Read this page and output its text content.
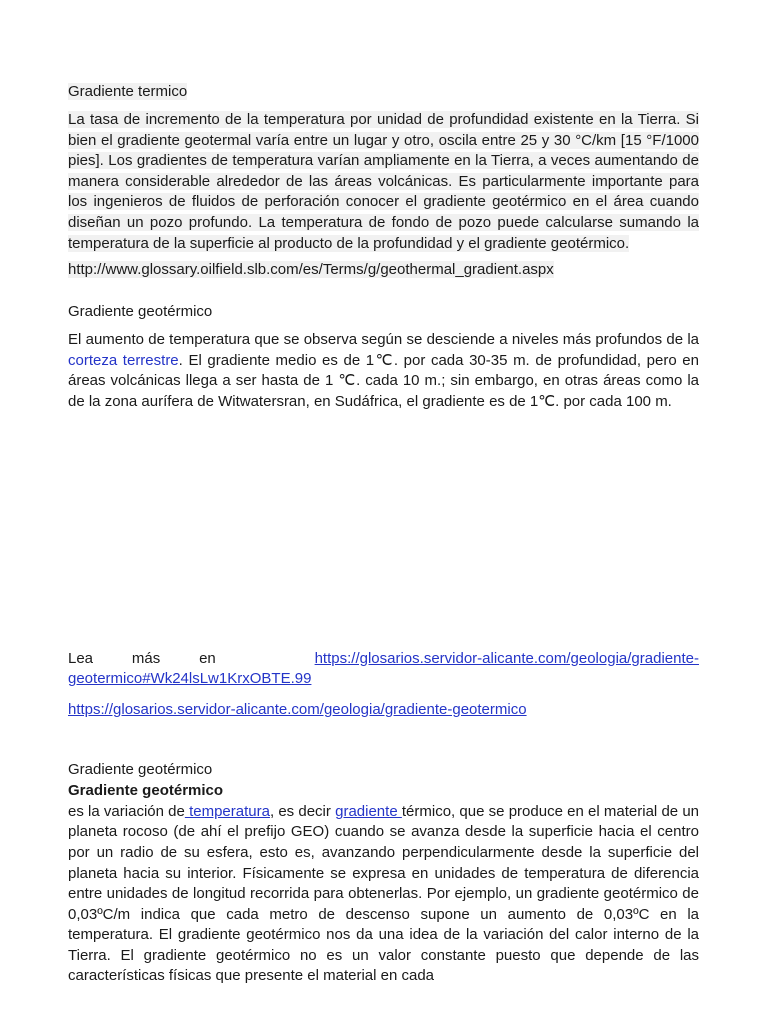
Gradiente termico

La tasa de incremento de la temperatura por unidad de profundidad existente en la Tierra. Si bien el gradiente geotermal varía entre un lugar y otro, oscila entre 25 y 30 °C/km [15 °F/1000 pies]. Los gradientes de temperatura varían ampliamente en la Tierra, a veces aumentando de manera considerable alrededor de las áreas volcánicas. Es particularmente importante para los ingenieros de fluidos de perforación conocer el gradiente geotérmico en el área cuando diseñan un pozo profundo. La temperatura de fondo de pozo puede calcularse sumando la temperatura de la superficie al producto de la profundidad y el gradiente geotérmico.

http://www.glossary.oilfield.slb.com/es/Terms/g/geothermal_gradient.aspx

Gradiente geotérmico

El aumento de temperatura que se observa según se desciende a niveles más profundos de la corteza terrestre. El gradiente medio es de 1℃. por cada 30-35 m. de profundidad, pero en áreas volcánicas llega a ser hasta de 1 ℃. cada 10 m.; sin embargo, en otras áreas como la de la zona aurífera de Witwatersran, en Sudáfrica, el gradiente es de 1℃. por cada 100 m.

Lea	más	en	https://glosarios.servidor-alicante.com/geologia/gradiente-
geotermico#Wk24lsLw1KrxOBTE.99

https://glosarios.servidor-alicante.com/geologia/gradiente-geotermico

Gradiente geotérmico

Gradiente geotérmico

es la variación de temperatura, es decir gradiente térmico, que se produce en el material de un planeta rocoso (de ahí el prefijo GEO) cuando se avanza desde la superficie hacia el centro por un radio de su esfera, esto es, avanzando perpendicularmente desde la superficie del planeta hacia su interior. Físicamente se expresa en unidades de temperatura de diferencia entre unidades de longitud recorrida para obtenerlas. Por ejemplo, un gradiente geotérmico de 0,03ºC/m indica que cada metro de descenso supone un aumento de 0,03ºC en la temperatura. El gradiente geotérmico nos da una idea de la variación del calor interno de la Tierra. El gradiente geotérmico no es un valor constante puesto que depende de las características físicas que presente el material en cada
